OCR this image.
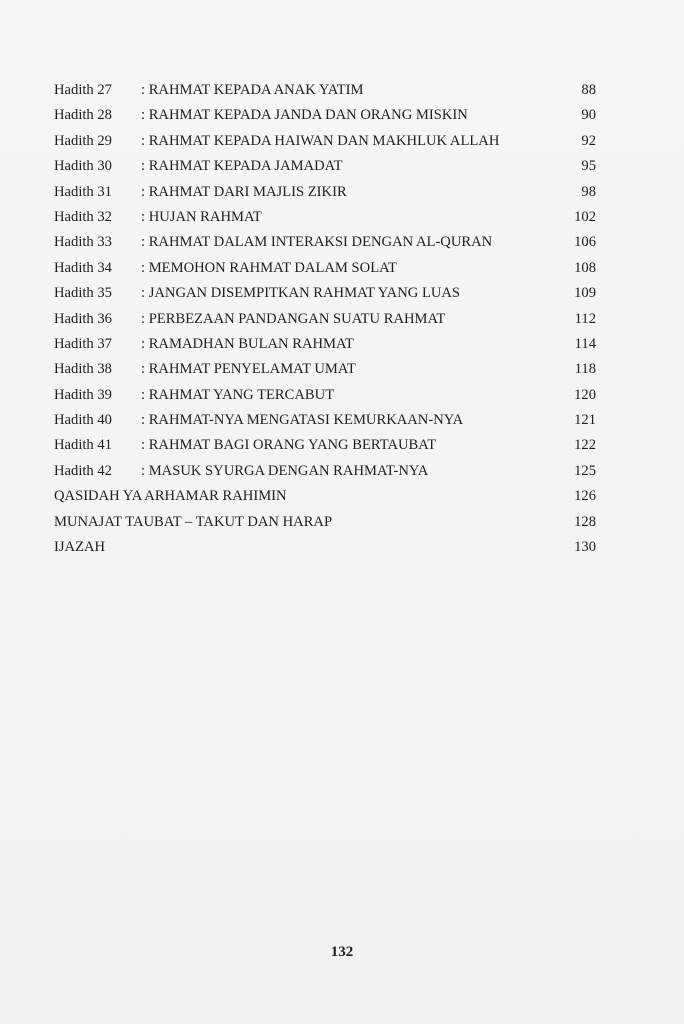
Hadith 27 : RAHMAT KEPADA ANAK YATIM	88
Hadith 28 : RAHMAT KEPADA JANDA DAN ORANG MISKIN	90
Hadith 29 : RAHMAT KEPADA HAIWAN DAN MAKHLUK ALLAH	92
Hadith 30 : RAHMAT KEPADA JAMADAT	95
Hadith 31 : RAHMAT DARI MAJLIS ZIKIR	98
Hadith 32 : HUJAN RAHMAT	102
Hadith 33 : RAHMAT DALAM INTERAKSI DENGAN AL-QURAN	106
Hadith 34 : MEMOHON RAHMAT DALAM SOLAT	108
Hadith 35 : JANGAN DISEMPITKAN RAHMAT YANG LUAS	109
Hadith 36 : PERBEZAAN PANDANGAN SUATU RAHMAT	112
Hadith 37 : RAMADHAN BULAN RAHMAT	114
Hadith 38 : RAHMAT PENYELAMAT UMAT	118
Hadith 39 : RAHMAT YANG TERCABUT	120
Hadith 40 : RAHMAT-NYA MENGATASI KEMURKAAN-NYA	121
Hadith 41 : RAHMAT BAGI ORANG YANG BERTAUBAT	122
Hadith 42 : MASUK SYURGA DENGAN RAHMAT-NYA	125
QASIDAH YA ARHAMAR RAHIMIN	126
MUNAJAT TAUBAT – TAKUT DAN HARAP	128
IJAZAH	130
132
